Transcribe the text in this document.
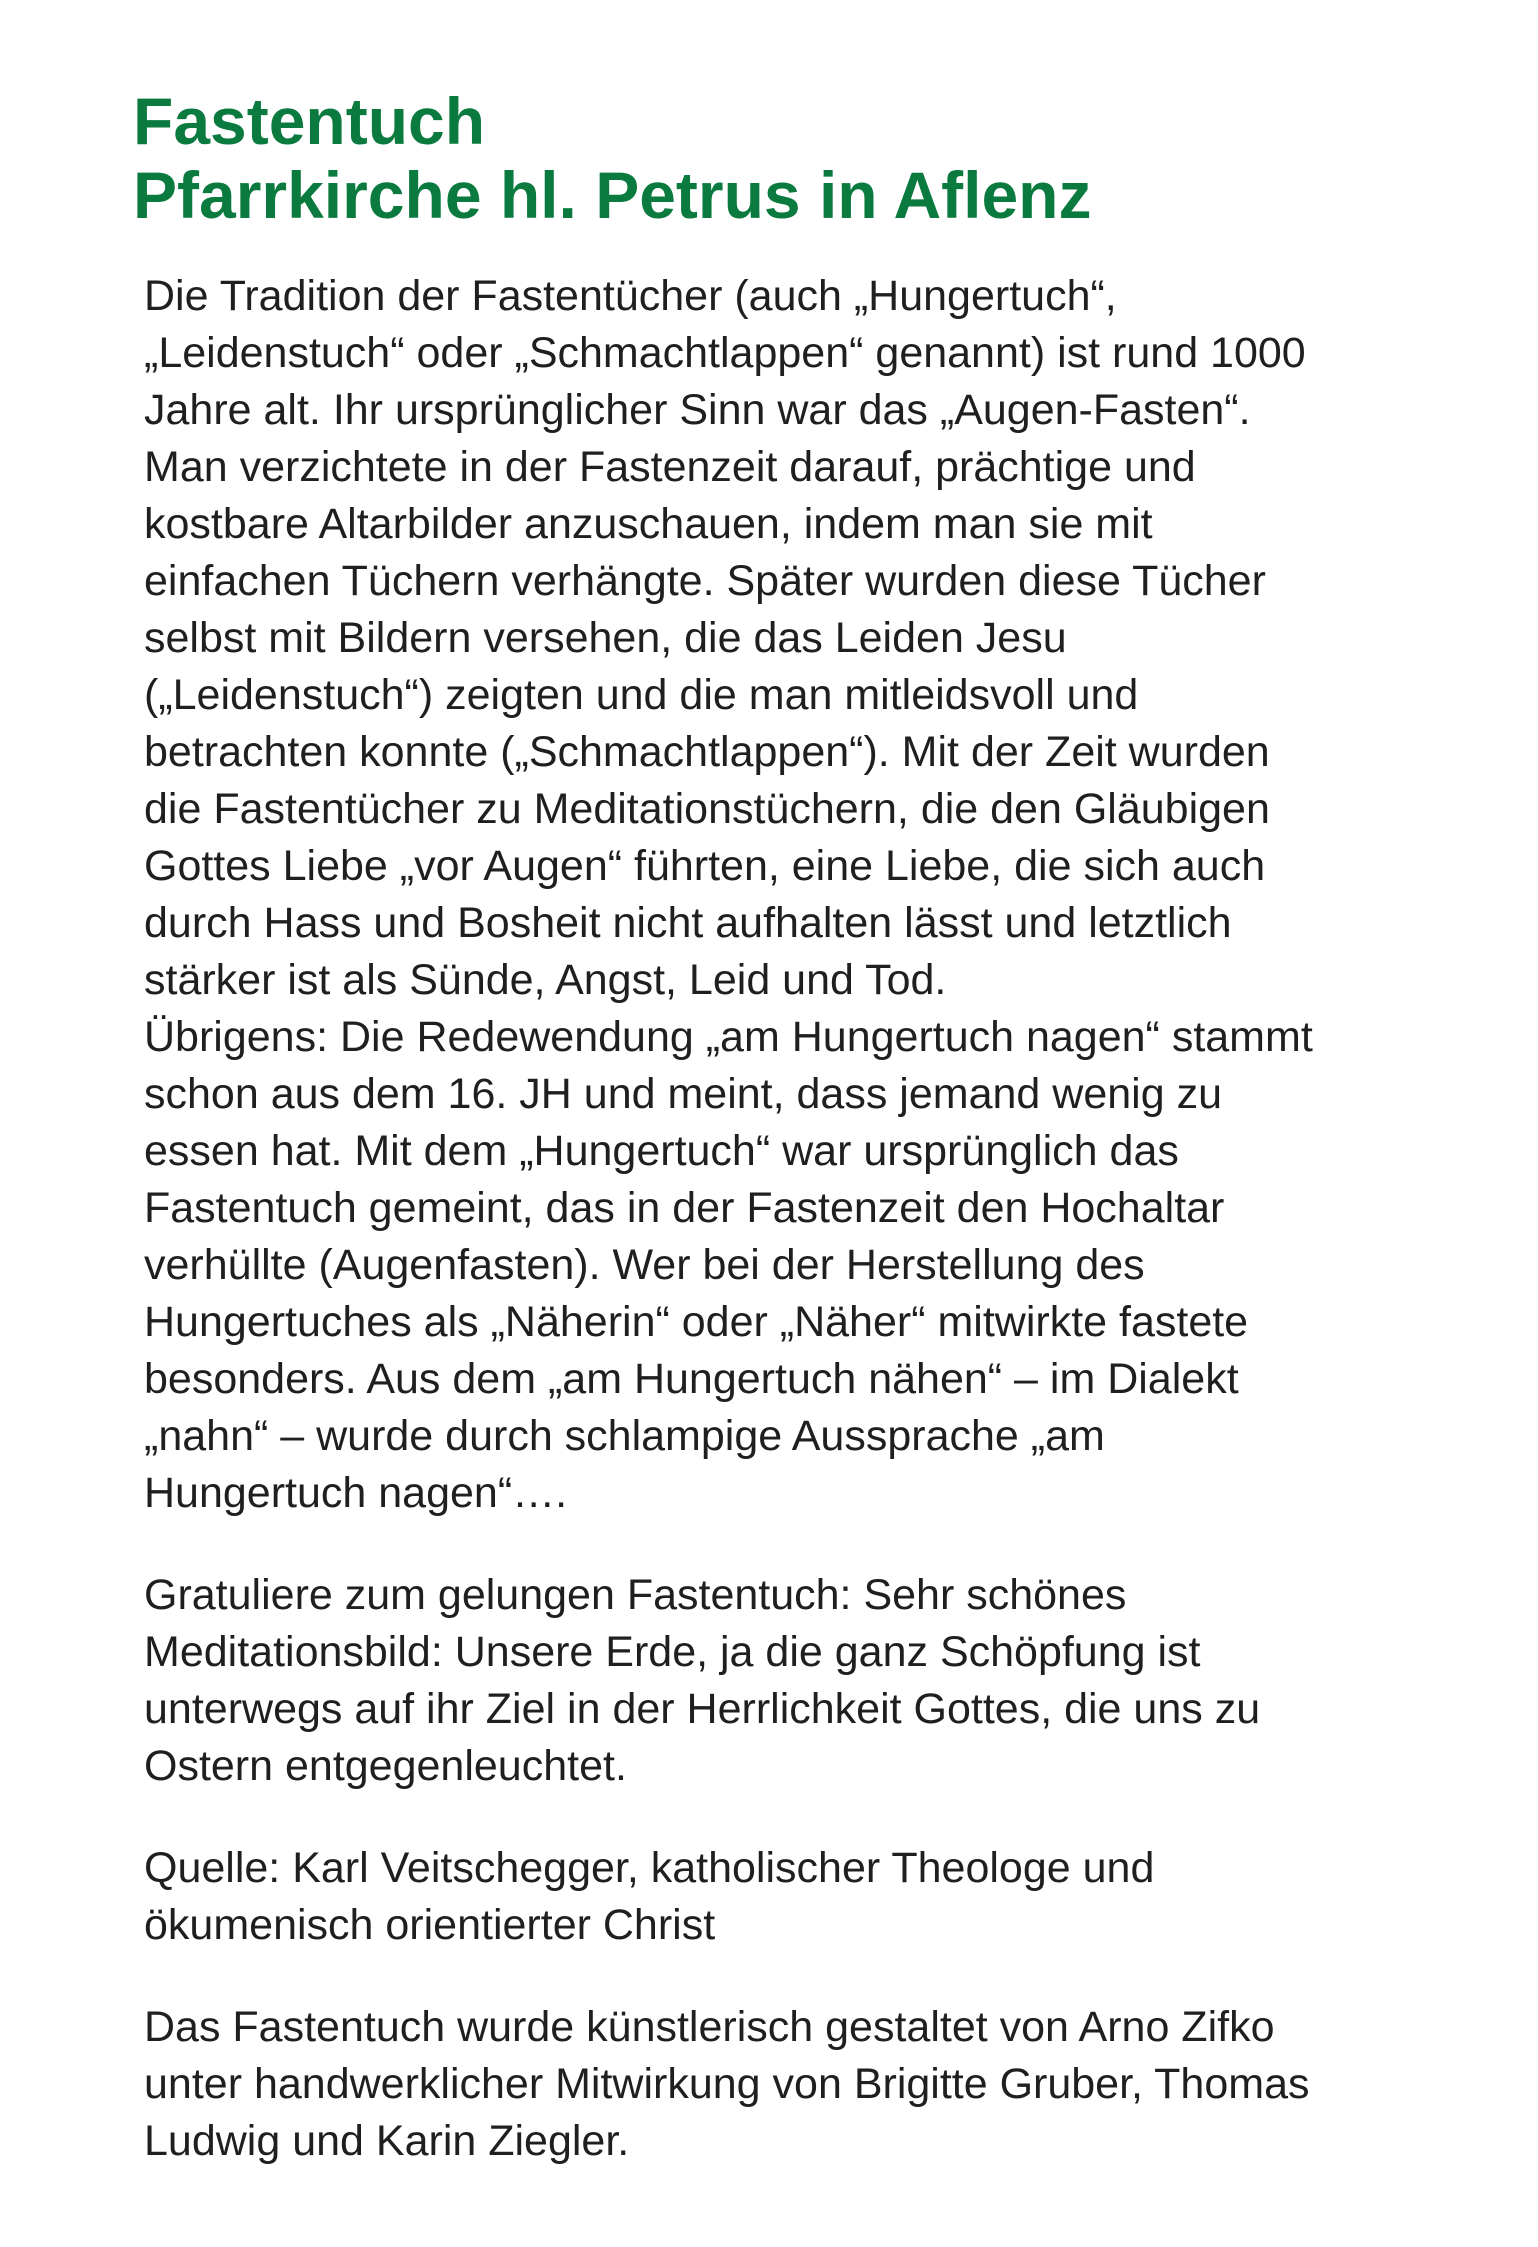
Fastentuch
Pfarrkirche hl. Petrus in Aflenz

Die Tradition der Fastentücher (auch „Hungertuch“,
„Leidenstuch“ oder „Schmachtlappen“ genannt) ist rund 1000
Jahre alt. Ihr ursprünglicher Sinn war das „Augen-Fasten“.
Man verzichtete in der Fastenzeit darauf, prächtige und
kostbare Altarbilder anzuschauen, indem man sie mit
einfachen Tüchern verhängte. Später wurden diese Tücher
selbst mit Bildern versehen, die das Leiden Jesu
(„Leidenstuch“) zeigten und die man mitleidsvoll und
betrachten konnte („Schmachtlappen“). Mit der Zeit wurden
die Fastentücher zu Meditationstüchern, die den Gläubigen
Gottes Liebe „vor Augen“ führten, eine Liebe, die sich auch
durch Hass und Bosheit nicht aufhalten lässt und letztlich
stärker ist als Sünde, Angst, Leid und Tod.

Übrigens: Die Redewendung „am Hungertuch nagen“ stammt
schon aus dem 16. JH und meint, dass jemand wenig zu
essen hat. Mit dem „Hungertuch“ war ursprünglich das
Fastentuch gemeint, das in der Fastenzeit den Hochaltar
verhüllte (Augenfasten). Wer bei der Herstellung des
Hungertuches als „Näherin“ oder „Näher“ mitwirkte fastete
besonders. Aus dem „am Hungertuch nähen“ – im Dialekt
„nahn“ – wurde durch schlampige Aussprache „am
Hungertuch nagen“….

Gratuliere zum gelungen Fastentuch: Sehr schönes
Meditationsbild: Unsere Erde, ja die ganz Schöpfung ist
unterwegs auf ihr Ziel in der Herrlichkeit Gottes, die uns zu
Ostern entgegenleuchtet.

Quelle: Karl Veitschegger, katholischer Theologe und
ökumenisch orientierter Christ

Das Fastentuch wurde künstlerisch gestaltet von Arno Zifko
unter handwerklicher Mitwirkung von Brigitte Gruber, Thomas
Ludwig und Karin Ziegler.
